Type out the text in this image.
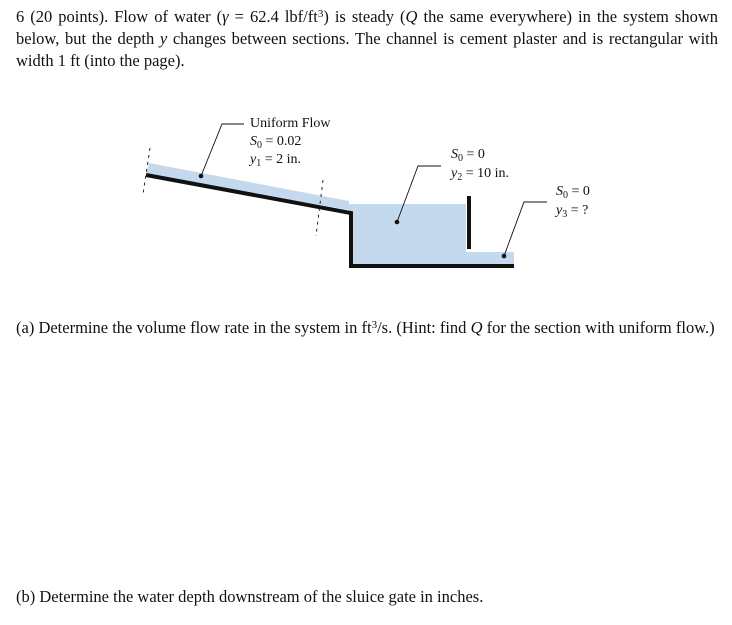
6 (20 points). Flow of water (γ = 62.4 lbf/$ft^3$) is steady (Q the same everywhere) in the system shown below, but the depth y changes between sections. The channel is cement plaster and is rectangular with width 1 ft (into the page).
Uniform Flow
$S_0 = 0.02$
$y_1 = 2$ in.	$S_0 = 0$
$y_2 = 10$ in.
$S_0 = 0$
$y_3$ = ?
(a) Determine the volume flow rate in the system in $ft^3/s$. (Hint: find Q for the section with uniform flow.)
(b) Determine the water depth downstream of the sluice gate in inches.
